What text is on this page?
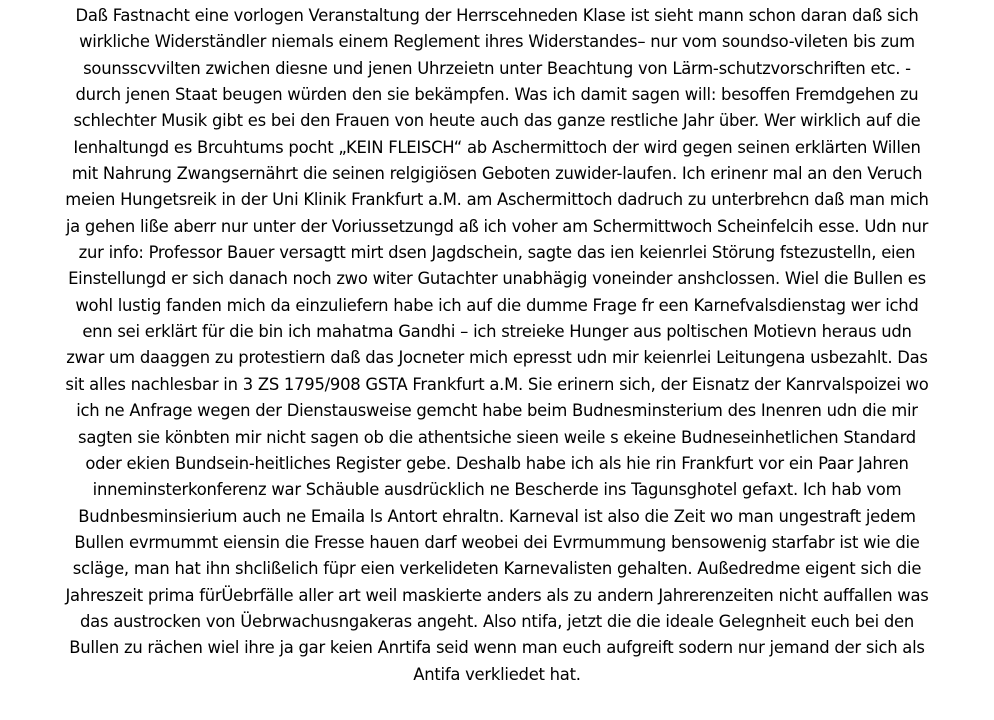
Daß Fastnacht eine vorlogen Veranstaltung der Herrscehneden Klase ist sieht mann schon daran daß sich
wirkliche Widerständler niemals einem Reglement ihres Widerstandes– nur vom soundso-vileten bis zum
sounsscvvilten zwichen diesne und jenen Uhrzeietn unter Beachtung von Lärm-schutzvorschriften etc. -
durch jenen Staat beugen würden den sie bekämpfen. Was ich damit sagen will: besoffen Fremdgehen zu
schlechter Musik gibt es bei den Frauen von heute auch das ganze restliche Jahr über. Wer wirklich auf die
Ienhaltungd es Brcuhtums pocht „KEIN FLEISCH“ ab Aschermittoch der wird gegen seinen erklärten Willen
mit Nahrung Zwangsernährt die seinen relgigiösen Geboten zuwider-laufen. Ich erinenr mal an den Veruch
meien Hungetsreik in der Uni Klinik Frankfurt a.M. am Aschermittoch dadruch zu unterbrehcn daß man mich
ja gehen liße aberr nur unter der Voriussetzungd aß ich voher am Schermittwoch Scheinfelcih esse. Udn nur
zur info: Professor Bauer versagtt mirt dsen Jagdschein, sagte das ien keienrlei Störung fstezustelln, eien
Einstellungd er sich danach noch zwo witer Gutachter unabhägig voneinder anshclossen. Wiel die Bullen es
wohl lustig fanden mich da einzuliefern habe ich auf die dumme Frage fr een Karnefvalsdienstag wer ichd
enn sei erklärt für die bin ich mahatma Gandhi – ich streieke Hunger aus poltischen Motievn heraus udn
zwar um daaggen zu protestiern daß das Jocneter mich epresst udn mir keienrlei Leitungena usbezahlt. Das
sit alles nachlesbar in 3 ZS 1795/908 GSTA Frankfurt a.M. Sie erinern sich, der Eisnatz der Kanrvalspoizei wo
ich ne Anfrage wegen der Dienstausweise gemcht habe beim Budnesminsterium des Inenren udn die mir
sagten sie könbten mir nicht sagen ob die athentsiche sieen weile s ekeine Budneseinhetlichen Standard
oder ekien Bundsein-heitliches Register gebe. Deshalb habe ich als hie rin Frankfurt vor ein Paar Jahren
inneminsterkonferenz war Schäuble ausdrücklich ne Bescherde ins Tagunsghotel gefaxt. Ich hab vom
Budnbesminsierium auch ne Emaila ls Antort ehraltn. Karneval ist also die Zeit wo man ungestraft jedem
Bullen evrmummt eiensin die Fresse hauen darf weobei dei Evrmummung bensowenig starfabr ist wie die
scläge, man hat ihn shclißelich füpr eien verkelideten Karnevalisten gehalten. Außedredme eigent sich die
Jahreszeit prima fürÜebrfälle aller art weil maskierte anders als zu andern Jahrerenzeiten nicht auffallen was
das austrocken von Üebrwachusngakeras angeht. Also ntifa, jetzt die die ideale Gelegnheit euch bei den
Bullen zu rächen wiel ihre ja gar keien Anrtifa seid wenn man euch aufgreift sodern nur jemand der sich als
Antifa verkliedet hat.
